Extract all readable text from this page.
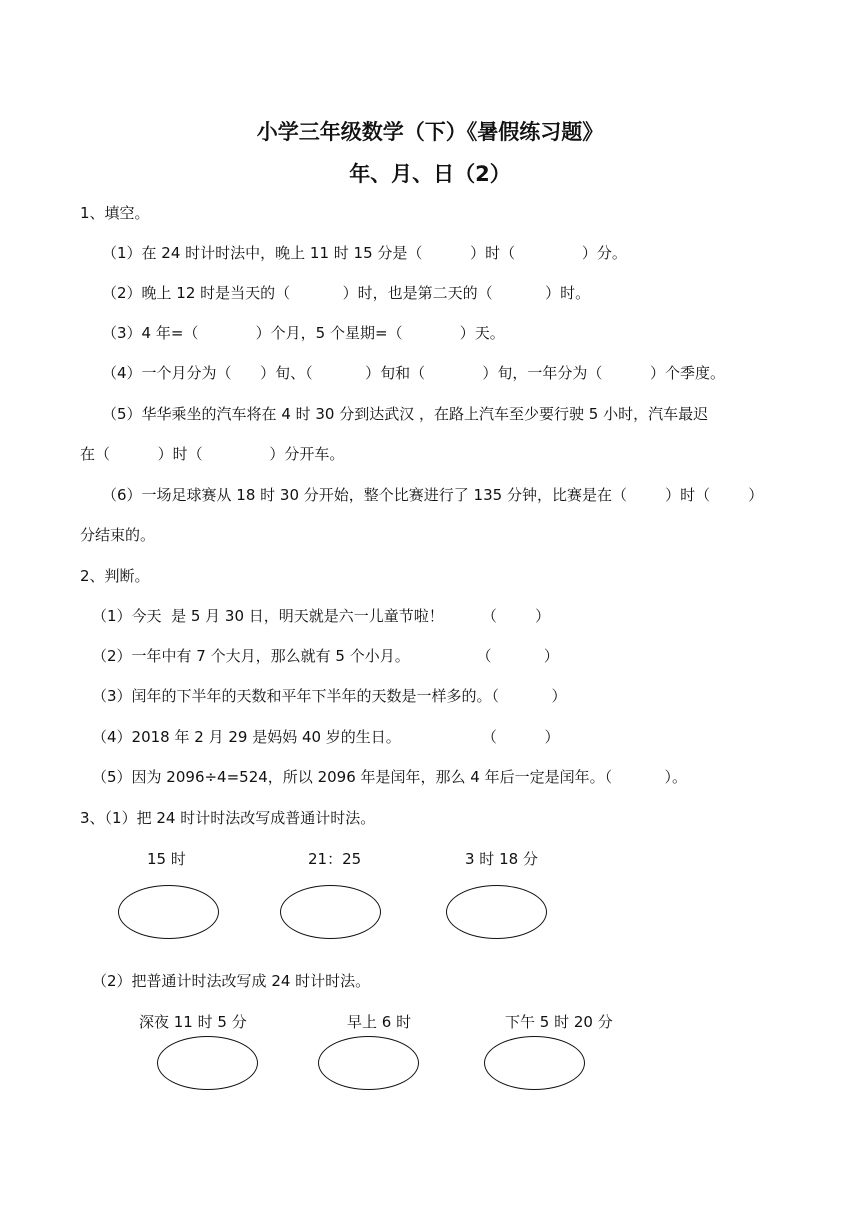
小学三年级数学（下）《暑假练习题》
年、月、日（2）
1、填空。
（1）在 24 时计时法中，晚上 11 时 15 分是（          ）时（              ）分。
（2）晚上 12 时是当天的（           ）时，也是第二天的（           ）时。
（3）4 年=（            ）个月，5 个星期=（            ）天。
（4）一个月分为（      ）旬、（           ）旬和（            ）旬，一年分为（          ）个季度。
（5）华华乘坐的汽车将在 4 时 30 分到达武汉 ，在路上汽车至少要行驶 5 小时，汽车最迟
在（          ）时（              ）分开车。
（6）一场足球赛从 18 时 30 分开始，整个比赛进行了 135 分钟，比赛是在（        ）时（        ）
分结束的。
2、判断。
（1）今天  是 5 月 30 日，明天就是六一儿童节啦！        （        ）
（2）一年中有 7 个大月，那么就有 5 个小月。              （           ）
（3）闰年的下半年的天数和平年下半年的天数是一样多的。（           ）
（4）2018 年 2 月 29 是妈妈 40 岁的生日。                 （          ）
（5）因为 2096÷4=524，所以 2096 年是闰年，那么 4 年后一定是闰年。（           ）。
3、（1）把 24 时计时法改写成普通计时法。
15 时	21：25	3 时 18 分
（2）把普通计时法改写成 24 时计时法。
深夜 11 时 5 分	早上 6 时	下午 5 时 20 分
